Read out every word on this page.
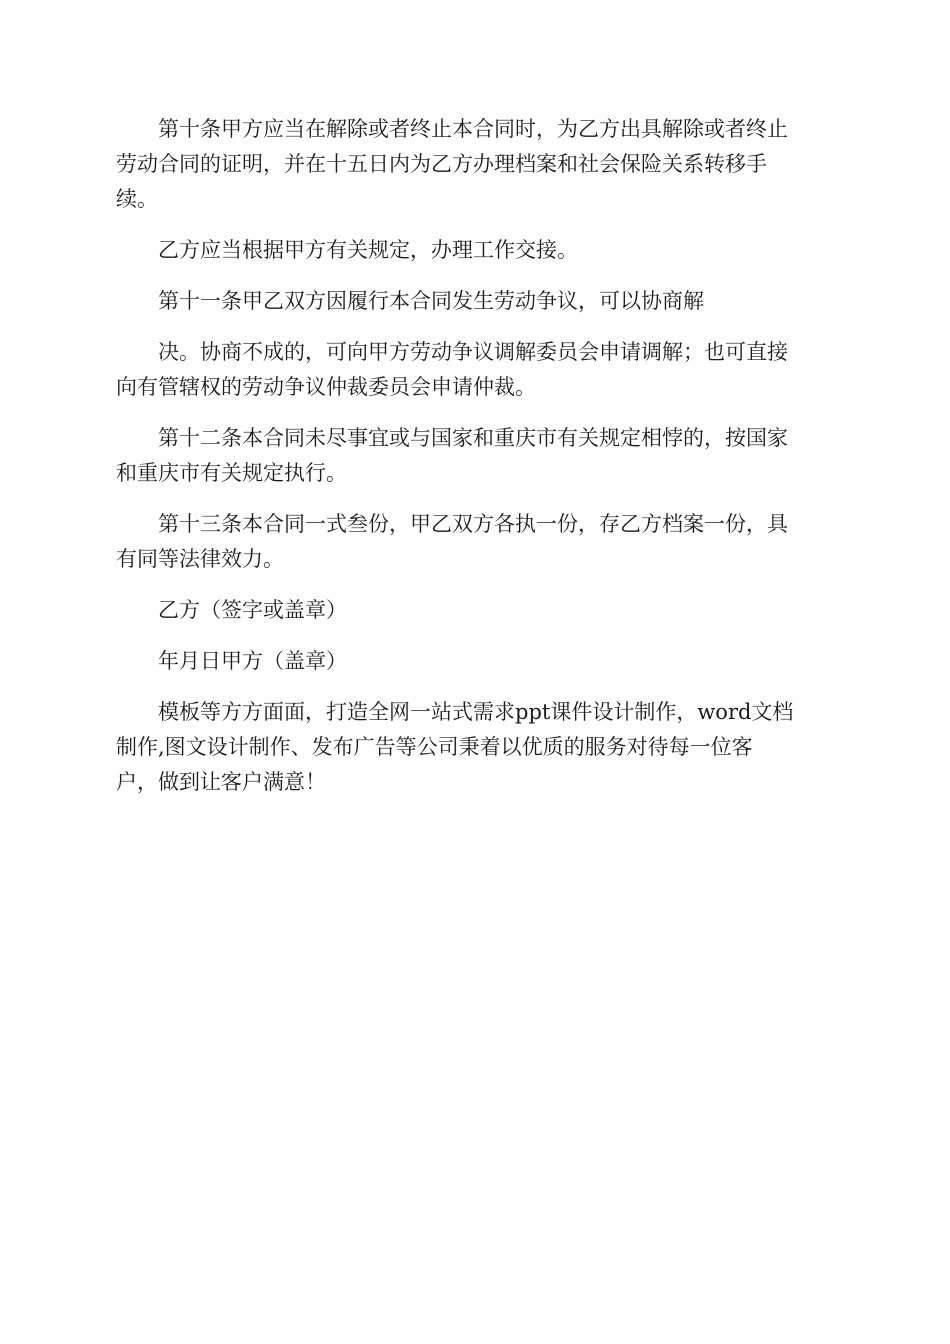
第十条甲方应当在解除或者终止本合同时，为乙方出具解除或者终止
劳动合同的证明，并在十五日内为乙方办理档案和社会保险关系转移手
续。
乙方应当根据甲方有关规定，办理工作交接。
第十一条甲乙双方因履行本合同发生劳动争议，可以协商解
决。协商不成的，可向甲方劳动争议调解委员会申请调解；也可直接
向有管辖权的劳动争议仲裁委员会申请仲裁。
第十二条本合同未尽事宜或与国家和重庆市有关规定相悖的，按国家
和重庆市有关规定执行。
第十三条本合同一式叁份，甲乙双方各执一份，存乙方档案一份，具
有同等法律效力。
乙方（签字或盖章）
年月日甲方（盖章）
模板等方方面面，打造全网一站式需求ppt课件设计制作，word文档
制作,图文设计制作、发布广告等公司秉着以优质的服务对待每一位客
户，做到让客户满意！
